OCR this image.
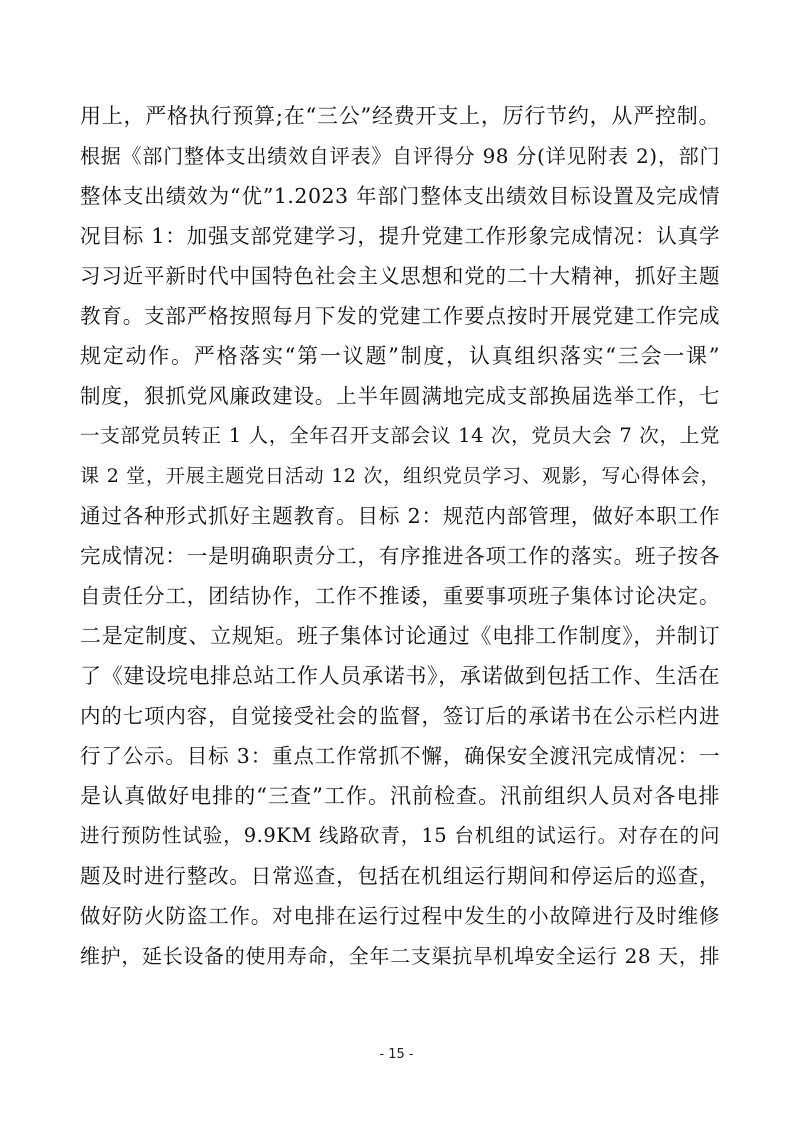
用上，严格执行预算;在“三公”经费开支上，厉行节约，从严控制。
根据《部门整体支出绩效自评表》自评得分 98 分(详见附表 2)，部门
整体支出绩效为“优”1.2023 年部门整体支出绩效目标设置及完成情
况目标 1：加强支部党建学习，提升党建工作形象完成情况：认真学
习习近平新时代中国特色社会主义思想和党的二十大精神，抓好主题
教育。支部严格按照每月下发的党建工作要点按时开展党建工作完成
规定动作。严格落实“第一议题”制度，认真组织落实“三会一课”
制度，狠抓党风廉政建设。上半年圆满地完成支部换届选举工作，七
一支部党员转正 1 人，全年召开支部会议 14 次，党员大会 7 次，上党
课 2 堂，开展主题党日活动 12 次，组织党员学习、观影，写心得体会，
通过各种形式抓好主题教育。目标 2：规范内部管理，做好本职工作
完成情况：一是明确职责分工，有序推进各项工作的落实。班子按各
自责任分工，团结协作，工作不推诿，重要事项班子集体讨论决定。
二是定制度、立规矩。班子集体讨论通过《电排工作制度》，并制订
了《建设垸电排总站工作人员承诺书》，承诺做到包括工作、生活在
内的七项内容，自觉接受社会的监督，签订后的承诺书在公示栏内进
行了公示。目标 3：重点工作常抓不懈，确保安全渡汛完成情况：一
是认真做好电排的“三查”工作。汛前检查。汛前组织人员对各电排
进行预防性试验，9.9KM 线路砍青，15 台机组的试运行。对存在的问
题及时进行整改。日常巡查，包括在机组运行期间和停运后的巡查，
做好防火防盗工作。对电排在运行过程中发生的小故障进行及时维修
维护，延长设备的使用寿命，全年二支渠抗旱机埠安全运行 28 天，排
- 15 -
